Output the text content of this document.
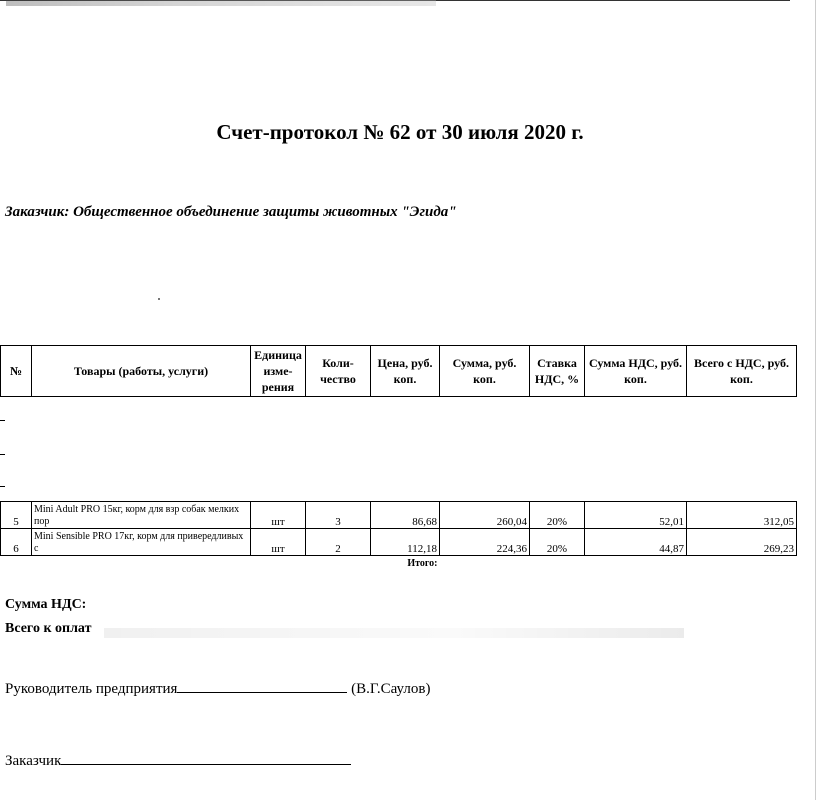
Счет-протокол № 62 от 30 июля 2020 г.
Заказчик: Общественное объединение защиты животных "Эгида"
№	Товары (работы, услуги)	Единица изме-рения	Коли-чество	Цена, руб. коп.	Сумма, руб. коп.	Ставка НДС, %	Сумма НДС, руб. коп.	Всего с НДС, руб. коп.

5	Mini Adult PRO 15кг, корм для взр собак мелких пор	шт	3	86,68	260,04	20%	52,01	312,05
6	Mini Sensible PRO 17кг, корм для привередливых с	шт	2	112,18	224,36	20%	44,87	269,23
			Итого:					
Сумма НДС:
Всего к оплат
Руководитель предприятия	(В.Г.Саулов)
Заказчик
